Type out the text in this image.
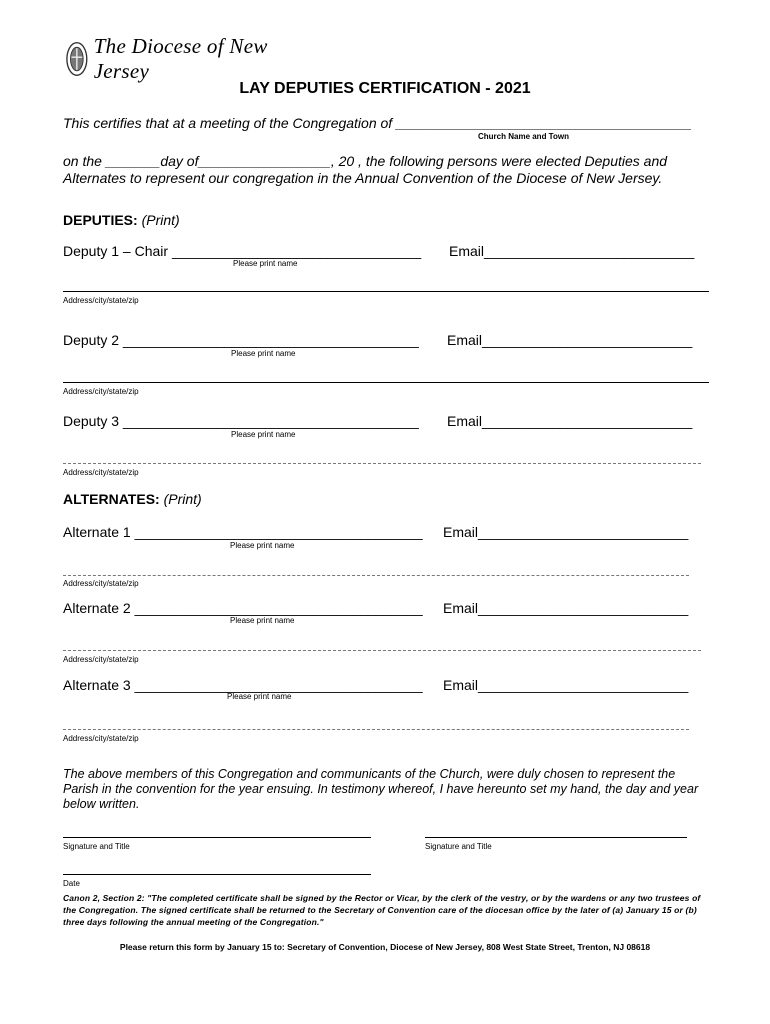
The Diocese of New Jersey
LAY DEPUTIES CERTIFICATION - 2021
This certifies that at a meeting of the Congregation of ______________________________________
Church Name and Town
on the _______day of_________________, 20 , the following persons were elected Deputies and
Alternates to represent our congregation in the Annual Convention of the Diocese of New Jersey.
DEPUTIES: (Print)
Deputy 1 – Chair ________________________________ Email___________________________
Please print name
Address/city/state/zip
Deputy 2 ______________________________________ Email___________________________
Please print name
Address/city/state/zip
Deputy 3 ______________________________________ Email___________________________
Please print name
Address/city/state/zip
ALTERNATES: (Print)
Alternate 1 _____________________________________ Email___________________________
Please print name
Address/city/state/zip
Alternate 2 _____________________________________ Email___________________________
Please print name
Address/city/state/zip
Alternate 3 _____________________________________ Email___________________________
Please print name
Address/city/state/zip
The above members of this Congregation and communicants of the Church, were duly chosen to represent the
Parish in the convention for the year ensuing. In testimony whereof, I have hereunto set my hand, the day and year
below written.
Signature and Title	Signature and Title
Date
Canon 2, Section 2: "The completed certificate shall be signed by the Rector or Vicar, by the clerk of the vestry, or by the wardens or any two trustees of the Congregation. The signed certificate shall be returned to the Secretary of Convention care of the diocesan office by the later of (a) January 15 or (b) three days following the annual meeting of the Congregation."
Please return this form by January 15 to: Secretary of Convention, Diocese of New Jersey, 808 West State Street, Trenton, NJ 08618
